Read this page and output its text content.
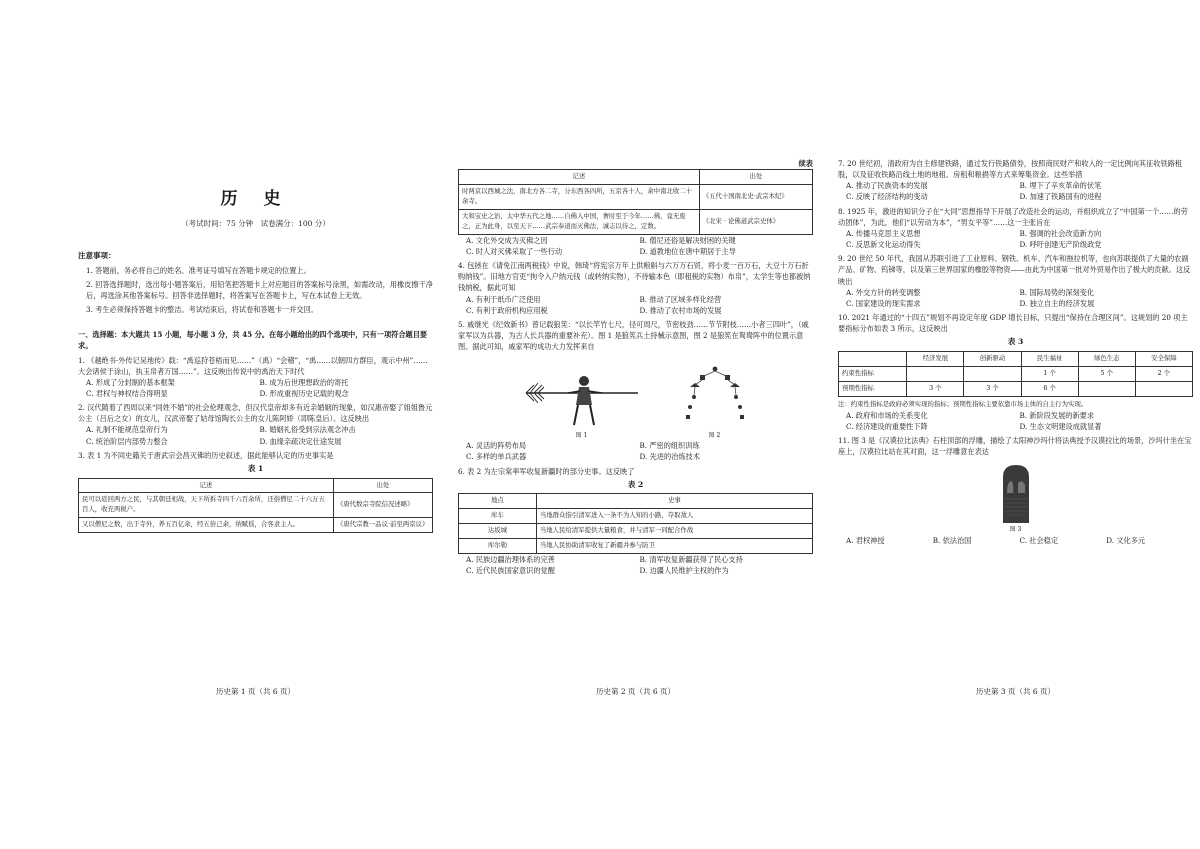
历 史
（考试时间：75 分钟　试卷满分：100 分）
注意事项：

1. 答题前，务必将自己的姓名、准考证号填写在答题卡规定的位置上。

2. 回答选择题时，选出每小题答案后，用铅笔把答题卡上对应题目的答案标号涂黑，如需改动，用橡皮擦干净后，再选涂其他答案标号。回答非选择题时，将答案写在答题卡上，写在本试卷上无效。

3. 考生必须保持答题卡的整洁。考试结束后，将试卷和答题卡一并交回。

一、选择题：本大题共 15 小题，每小题 3 分，共 45 分。在每小题给出的四个选项中，只有一项符合题目要求。
1. 《越绝书·外传记吴地传》载：“禹巡狩苍梧而见……”（禹）“会稽”，“禹……以朝四方群臣，观示中州”……大会诸侯于涂山，执玉帛者万国……”。这反映出传说中的禹治天下时代
A. 形成了分封制的基本框架	B. 成为后世理想政治的寄托
C. 君权与神权结合得明显	D. 形成重视历史记载的观念
2. 汉代随着了西周以来“同姓不婚”的社会伦理观念，但汉代皇帝却多有近亲婚姻的现象，如汉惠帝娶了姐姐鲁元公主（吕后之女）的女儿，汉武帝娶了姑母馆陶长公主的女儿陈阿娇（即陈皇后）。这反映出
A. 礼制不能规范皇帝行为	B. 婚姻礼俗受到宗法观念冲击
C. 统治阶层内部势力整合	D. 血缘亲疏决定仕途发展
3. 表 1 为不同史籍关于唐武宗会昌灭佛的历史叙述，据此能够认定的历史事实是
表 1
记述	出处
民可以返回两方之民，与其朝廷相战，天下所拆寺四千六百余所，还俗僧尼二十六万五百人，收充两税户。	《唐代数宗寺院信况述略》
又以僧尼之数，出于寺外，养五百亿余，经五倍己余，纳赋徭，合客隶主人。	《唐代宗教一品议·前至两京议》
历史第 1 页（共 6 页）
续表
记述	出处
时两京以西城之法，南北方各二寺，分东西各四所，五京各十人，余中南北收二十余寺。	《五代十国南北史·武宗本纪》
大和宝史之治，太中华五代之地……自佛入中国，奢时至于今年……佛，竟无废之，正为此身，以至天下……武宗奉道而灭佛法，诚志以待之，定数。	《北宋 · 论佛道武宗史体》
A. 文化外交成为灭佛之因	B. 僧尼还俗是解决财困的关键
C. 时人对灭佛采取了一些行动	D. 道教地位在唐中期居于主导
4. 包拯在《请免江南两税钱》中说，韩琦“将宪宗万年上供粮斛与六万万石贸，将小麦一百万石，大豆十万石折购纳钱”。旧地方官吏“拘令入户纳元钱（或转纳实物），不待输本色（即租税的实物）布帛”，太学生等也都被纳钱纳税，据此可知
A. 有利于纸币广泛使用	B. 推动了区域多样化经营
C. 有利于政府机构应用税	D. 推动了农村市场的发展
5. 戚继光《纪效新书》曾记载狼筅：“以长竿竹七尺，径可周尺，节密枝劲……节节附枝……小者三四叶”，（戚家军以为兵器，为古人长兵器的重要补充）。图 1 是狼筅兵士持械示意图，图 2 是狼筅在鸳鸯阵中的位置示意图。据此可知，戚家军的成功大力发挥来自
图 1	图 2
A. 灵活的阵势布局	B. 严密的组织训练
C. 多样的单兵武器	D. 先进的冶炼技术
6. 表 2 为左宗棠率军收复新疆时的部分史事。这反映了
表 2
地点	史事
库车	当地群众指引清军进入一条不为人知的小路，夺取敌人
达坂城	当地人民给清军提供大量粮食，并与清军一同配合作战
库尔勒	当地人民协助清军收复了新疆并参与防卫
A. 民族边疆治理体系的完善	B. 清军收复新疆获得了民心支持
C. 近代民族国家意识的觉醒	D. 边疆人民维护主权的作为
历史第 2 页（共 6 页）
7. 20 世纪初，清政府为自主修建铁路，通过发行铁路债券，按照商民财产和收入的一定比例向其征收铁路租股，以及征收铁路沿线土地的地租、房租和粮捐等方式来筹集资金。这些举措
A. 推动了民族资本的发展	B. 埋下了辛亥革命的伏笔
C. 反映了经济结构的变动	D. 加速了铁路国有的进程
8. 1925 年，激进的知识分子在“大同”思想指导下开展了改造社会的运动，并组织成立了“中国第一个……的劳动团体”，为此，他们“以劳动为本”，“男女平等”……这一主张旨在
A. 传播马克思主义思想	B. 强调的社会改造新方向
C. 反思新文化运动得失	D. 呼吁创建无产阶级政党
9. 20 世纪 50 年代，我国从苏联引进了工业原料、钢铁、机车、汽车和拖拉机等，也向苏联提供了大量的农副产品、矿物、钨锑等，以及第三世界国家的橡胶等物资——由此为中国第一批对外贸易作出了极大的贡献。这反映出
A. 外交方针的转变调整	B. 国际局势的深刻变化
C. 国家建设的现实需求	D. 独立自主的经济发展
10. 2021 年通过的“十四五”规划不再设定年度 GDP 增长目标，只提出“保持在合理区间”。这规划的 20 项主要指标分布如表 3 所示，这反映出
表 3
	经济发展	创新驱动	民生福祉	绿色生态	安全保障
约束性指标			1 个	5 个	2 个
预期性指标	3 个	3 个	6 个		
注：约束性指标是政府必须实现的指标；预期性指标主要依靠市场主体的自主行为实现。
A. 政府和市场的关系变化	B. 新阶段发展的新要求
C. 经济建设的重要性下降	D. 生态文明建设成就显著
11. 图 3 是《汉谟拉比法典》石柱顶部的浮雕，描绘了太阳神沙玛什将法典授予汉谟拉比的场景，沙玛什坐在宝座上，汉谟拉比站在其对面，这一浮雕意在表达
图 3
A. 君权神授	B. 依法治国	C. 社会稳定	D. 文化多元
历史第 3 页（共 6 页）
